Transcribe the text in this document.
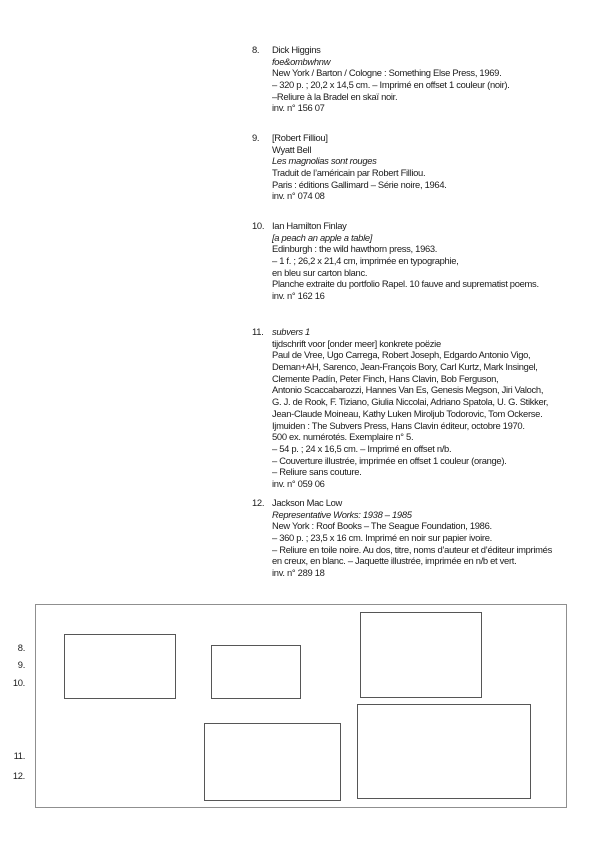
8. Dick Higgins
foe&ombwhnw
New York / Barton / Cologne : Something Else Press, 1969.
– 320 p. ; 20,2 x 14,5 cm. – Imprimé en offset 1 couleur (noir).
–Reliure à la Bradel en skaï noir.
inv. n° 156 07
9. [Robert Filliou]
Wyatt Bell
Les magnolias sont rouges
Traduit de l’américain par Robert Filliou.
Paris : éditions Gallimard – Série noire, 1964.
inv. n° 074 08
10. Ian Hamilton Finlay
[a peach an apple a table]
Edinburgh : the wild hawthorn press, 1963.
– 1 f. ; 26,2 x 21,4 cm, imprimée en typographie,
en bleu sur carton blanc.
Planche extraite du portfolio Rapel. 10 fauve and suprematist poems.
inv. n° 162 16
11. subvers 1
tijdschrift voor [onder meer] konkrete poëzie
Paul de Vree, Ugo Carrega, Robert Joseph, Edgardo Antonio Vigo,
Deman+AH, Sarenco, Jean-François Bory, Carl Kurtz, Mark Insingel,
Clemente Padín, Peter Finch, Hans Clavin, Bob Ferguson,
Antonio Scaccabarozzi, Hannes Van Es, Genesis Megson, Jiri Valoch,
G. J. de Rook, F. Tiziano, Giulia Niccolai, Adriano Spatola, U. G. Stikker,
Jean-Claude Moineau, Kathy Luken Miroljub Todorovic, Tom Ockerse.
Ijmuiden : The Subvers Press, Hans Clavin éditeur, octobre 1970.
500 ex. numérotés. Exemplaire n° 5.
– 54 p. ; 24 x 16,5 cm. – Imprimé en offset n/b.
– Couverture illustrée, imprimée en offset 1 couleur (orange).
– Reliure sans couture.
inv. n° 059 06
12. Jackson Mac Low
Representative Works: 1938 – 1985
New York : Roof Books – The Seague Foundation, 1986.
– 360 p. ; 23,5 x 16 cm. Imprimé en noir sur papier ivoire.
– Reliure en toile noire. Au dos, titre, noms d’auteur et d’éditeur imprimés
en creux, en blanc. – Jaquette illustrée, imprimée en n/b et vert.
inv. n° 289 18
8.
9.
10.
11.
12.
